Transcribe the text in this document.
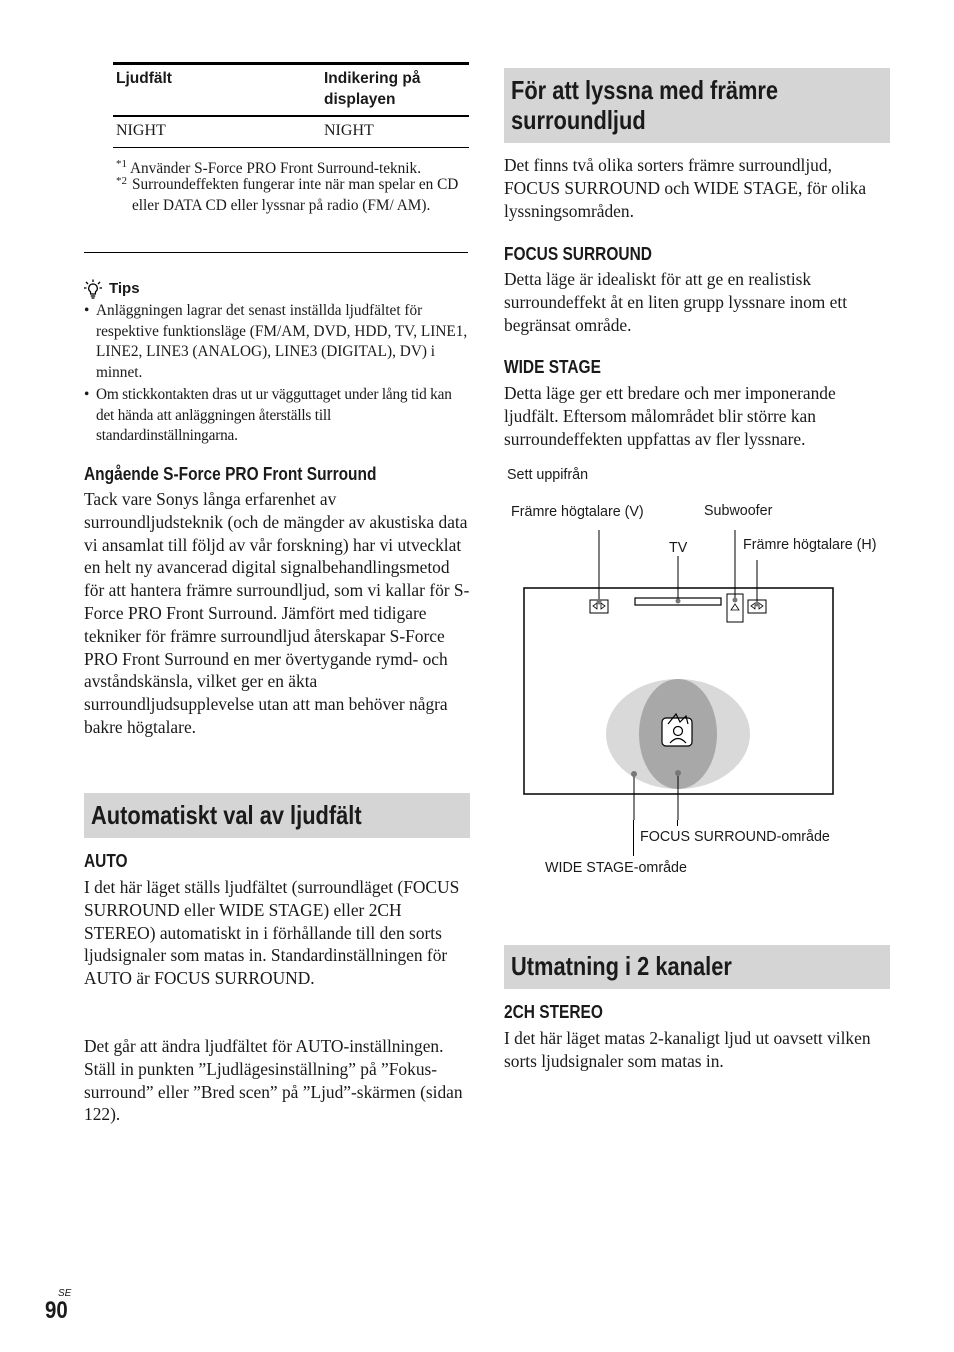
Ljudfält	Indikering på displayen
NIGHT	NIGHT
$^{*1}$ Använder S-Force PRO Front Surround-teknik.
*2 Surroundeffekten fungerar inte när man spelar en CD eller DATA CD eller lyssnar på radio (FM/ AM).
Tips
• Anläggningen lagrar det senast inställda ljudfältet för respektive funktionsläge (FM/AM, DVD, HDD, TV, LINE1, LINE2, LINE3 (ANALOG), LINE3 (DIGITAL), DV) i minnet.
• Om stickkontakten dras ut ur vägguttaget under lång tid kan det hända att anläggningen återställs till standardinställningarna.
Angående S-Force PRO Front Surround

Tack vare Sonys långa erfarenhet av surroundljudsteknik (och de mängder av akustiska data vi ansamlat till följd av vår forskning) har vi utvecklat en helt ny avancerad digital signalbehandlingsmetod för att hantera främre surroundljud, som vi kallar för S-Force PRO Front Surround. Jämfört med tidigare tekniker för främre surroundljud återskapar S-Force PRO Front Surround en mer övertygande rymd- och avståndskänsla, vilket ger en äkta surroundljudsupplevelse utan att man behöver några bakre högtalare.

Automatiskt val av ljudfält
AUTO

I det här läget ställs ljudfältet (surroundläget (FOCUS SURROUND eller WIDE STAGE) eller 2CH STEREO) automatiskt in i förhållande till den sorts ljudsignaler som matas in. Standardinställningen för AUTO är FOCUS SURROUND.

Det går att ändra ljudfältet för AUTO-inställningen. Ställ in punkten ”Ljudlägesinställning” på ”Fokus-surround” eller ”Bred scen” på ”Ljud”-skärmen (sidan 122).

För att lyssna med främre surroundljud

Det finns två olika sorters främre surroundljud, FOCUS SURROUND och WIDE STAGE, för olika lyssningsområden.

FOCUS SURROUND

Detta läge är idealiskt för att ge en realistisk surroundeffekt åt en liten grupp lyssnare inom ett begränsat område.

WIDE STAGE

Detta läge ger ett bredare och mer imponerande ljudfält. Eftersom målområdet blir större kan surroundeffekten uppfattas av fler lyssnare.

Sett uppifrån
Främre högtalare (V)	Subwoofer
TV	Främre högtalare (H)
FOCUS SURROUND-område
WIDE STAGE-område
Utmatning i 2 kanaler
2CH STEREO

I det här läget matas 2-kanaligt ljud ut oavsett vilken sorts ljudsignaler som matas in.

SE
90
